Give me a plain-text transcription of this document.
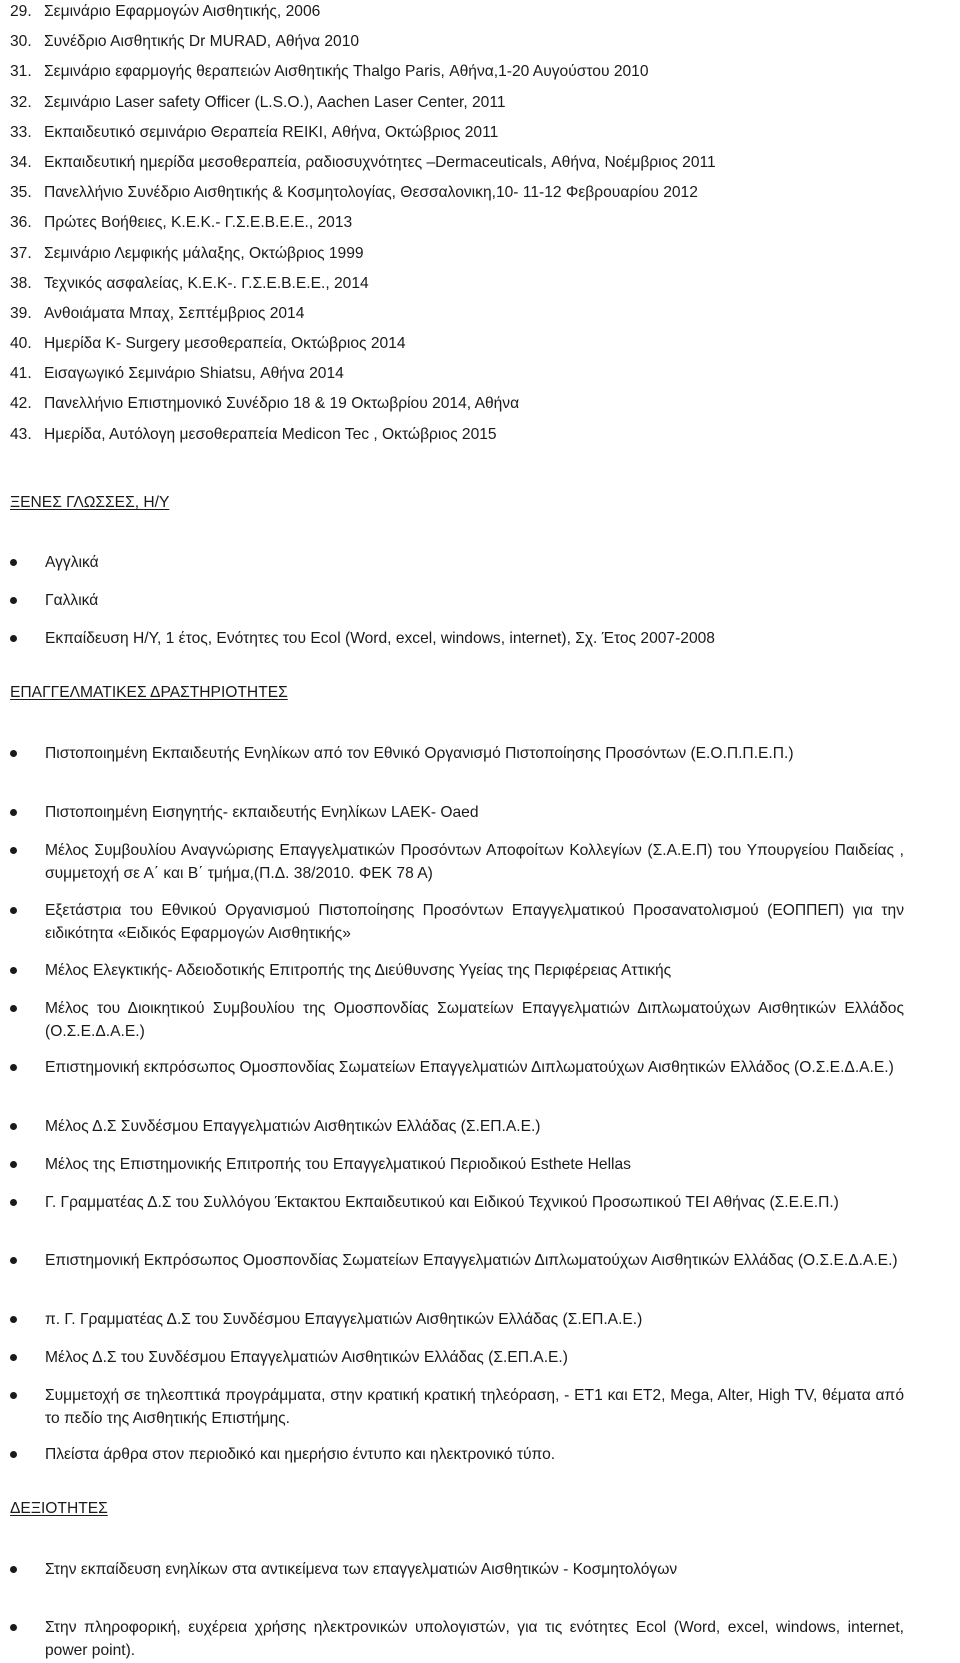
29. Σεμινάριο Εφαρμογών Αισθητικής, 2006
30. Συνέδριο Αισθητικής Dr MURAD, Αθήνα 2010
31. Σεμινάριο εφαρμογής θεραπειών Αισθητικής Thalgo Paris, Αθήνα,1-20 Αυγούστου 2010
32. Σεμινάριο Laser safety Officer (L.S.O.), Aachen Laser Center, 2011
33. Εκπαιδευτικό σεμινάριο Θεραπεία REIKI, Αθήνα, Οκτώβριος 2011
34. Εκπαιδευτική ημερίδα μεσοθεραπεία, ραδιοσυχνότητες –Dermaceuticals, Αθήνα, Νοέμβριος 2011
35. Πανελλήνιο Συνέδριο Αισθητικής & Κοσμητολογίας, Θεσσαλονικη,10- 11-12 Φεβρουαρίου 2012
36. Πρώτες Βοήθειες, Κ.Ε.Κ.- Γ.Σ.Ε.Β.Ε.Ε., 2013
37. Σεμινάριο Λεμφικής μάλαξης, Οκτώβριος 1999
38. Τεχνικός ασφαλείας, Κ.Ε.Κ-. Γ.Σ.Ε.Β.Ε.Ε., 2014
39. Ανθοιάματα Μπαχ, Σεπτέμβριος 2014
40. Ημερίδα K- Surgery μεσοθεραπεία, Οκτώβριος 2014
41. Εισαγωγικό Σεμινάριο Shiatsu, Αθήνα 2014
42. Πανελλήνιο Επιστημονικό Συνέδριο 18 & 19 Οκτωβρίου 2014, Αθήνα
43. Ημερίδα, Αυτόλογη μεσοθεραπεία Medicon Tec , Οκτώβριος 2015
ΞΕΝΕΣ ΓΛΩΣΣΕΣ, Η/Υ
Αγγλικά
Γαλλικά
Εκπαίδευση Η/Υ, 1 έτος, Ενότητες του Ecol (Word, excel, windows, internet), Σχ. Έτος 2007-2008
ΕΠΑΓΓΕΛΜΑΤΙΚΕΣ ΔΡΑΣΤΗΡΙΟΤΗΤΕΣ
Πιστοποιημένη Εκπαιδευτής Ενηλίκων από τον Εθνικό Οργανισμό Πιστοποίησης Προσόντων (Ε.Ο.Π.Π.Ε.Π.)
Πιστοποιημένη Εισηγητής- εκπαιδευτής Ενηλίκων LAEK- Oaed
Μέλος Συμβουλίου Αναγνώρισης Επαγγελματικών Προσόντων Αποφοίτων Κολλεγίων (Σ.Α.Ε.Π) του Υπουργείου Παιδείας , συμμετοχή σε Α΄ και Β΄ τμήμα,(Π.Δ. 38/2010. ΦΕΚ 78 Α)
Εξετάστρια του Εθνικού Οργανισμού Πιστοποίησης Προσόντων Επαγγελματικού Προσανατολισμού (ΕΟΠΠΕΠ) για την ειδικότητα «Ειδικός Εφαρμογών Αισθητικής»
Μέλος Ελεγκτικής- Αδειοδοτικής Επιτροπής της Διεύθυνσης Υγείας της Περιφέρειας Αττικής
Μέλος του Διοικητικού Συμβουλίου της Ομοσπονδίας Σωματείων Επαγγελματιών Διπλωματούχων Αισθητικών Ελλάδος (Ο.Σ.Ε.Δ.Α.Ε.)
Επιστημονική εκπρόσωπος Ομοσπονδίας Σωματείων Επαγγελματιών Διπλωματούχων Αισθητικών Ελλάδος (Ο.Σ.Ε.Δ.Α.Ε.)
Μέλος Δ.Σ Συνδέσμου Επαγγελματιών Αισθητικών Ελλάδας (Σ.ΕΠ.Α.Ε.)
Μέλος της Επιστημονικής Επιτροπής του Επαγγελματικού Περιοδικού Esthete Hellas
Γ. Γραμματέας Δ.Σ του Συλλόγου Έκτακτου Εκπαιδευτικού και Ειδικού Τεχνικού Προσωπικού ΤΕΙ Αθήνας (Σ.Ε.Ε.Π.)
Επιστημονική Εκπρόσωπος Ομοσπονδίας Σωματείων Επαγγελματιών Διπλωματούχων Αισθητικών Ελλάδας (Ο.Σ.Ε.Δ.Α.Ε.)
π. Γ. Γραμματέας Δ.Σ του Συνδέσμου Επαγγελματιών Αισθητικών Ελλάδας (Σ.ΕΠ.Α.Ε.)
Μέλος Δ.Σ του Συνδέσμου Επαγγελματιών Αισθητικών Ελλάδας (Σ.ΕΠ.Α.Ε.)
Συμμετοχή σε τηλεοπτικά προγράμματα, στην κρατική κρατική τηλεόραση, - ΕΤ1 και ΕΤ2, Mega, Alter, High TV, θέματα από το πεδίο της Αισθητικής Επιστήμης.
Πλείστα άρθρα στον περιοδικό και ημερήσιο έντυπο και ηλεκτρονικό τύπο.
ΔΕΞΙΟΤΗΤΕΣ
Στην εκπαίδευση ενηλίκων στα αντικείμενα των επαγγελματιών Αισθητικών - Κοσμητολόγων
Στην πληροφορική, ευχέρεια χρήσης ηλεκτρονικών υπολογιστών, για τις ενότητες Ecol (Word, excel, windows, internet, power point).
